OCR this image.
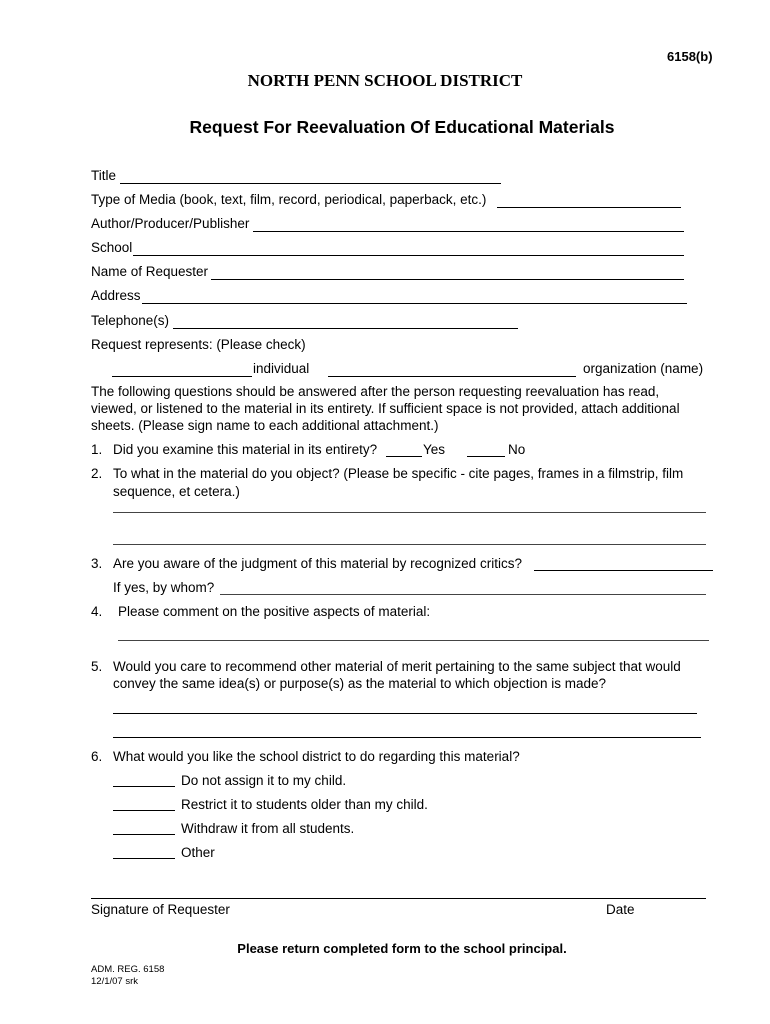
6158(b)
NORTH PENN SCHOOL DISTRICT
Request For Reevaluation Of Educational Materials
Title
Type of Media (book, text, film, record, periodical, paperback, etc.)
Author/Producer/Publisher
School
Name of Requester
Address
Telephone(s)
Request represents: (Please check)
individual	organization (name)
The following questions should be answered after the person requesting reevaluation has read,
viewed, or listened to the material in its entirety. If sufficient space is not provided, attach additional
sheets. (Please sign name to each additional attachment.)
1. Did you examine this material in its entirety?	Yes	No
2. To what in the material do you object? (Please be specific - cite pages, frames in a filmstrip, film
sequence, et cetera.)
3. Are you aware of the judgment of this material by recognized critics?
If yes, by whom?
4. Please comment on the positive aspects of material:
5. Would you care to recommend other material of merit pertaining to the same subject that would
convey the same idea(s) or purpose(s) as the material to which objection is made?
6. What would you like the school district to do regarding this material?
Do not assign it to my child.
Restrict it to students older than my child.
Withdraw it from all students.
Other
Signature of Requester	Date
Please return completed form to the school principal.
ADM. REG. 6158
12/1/07 srk
